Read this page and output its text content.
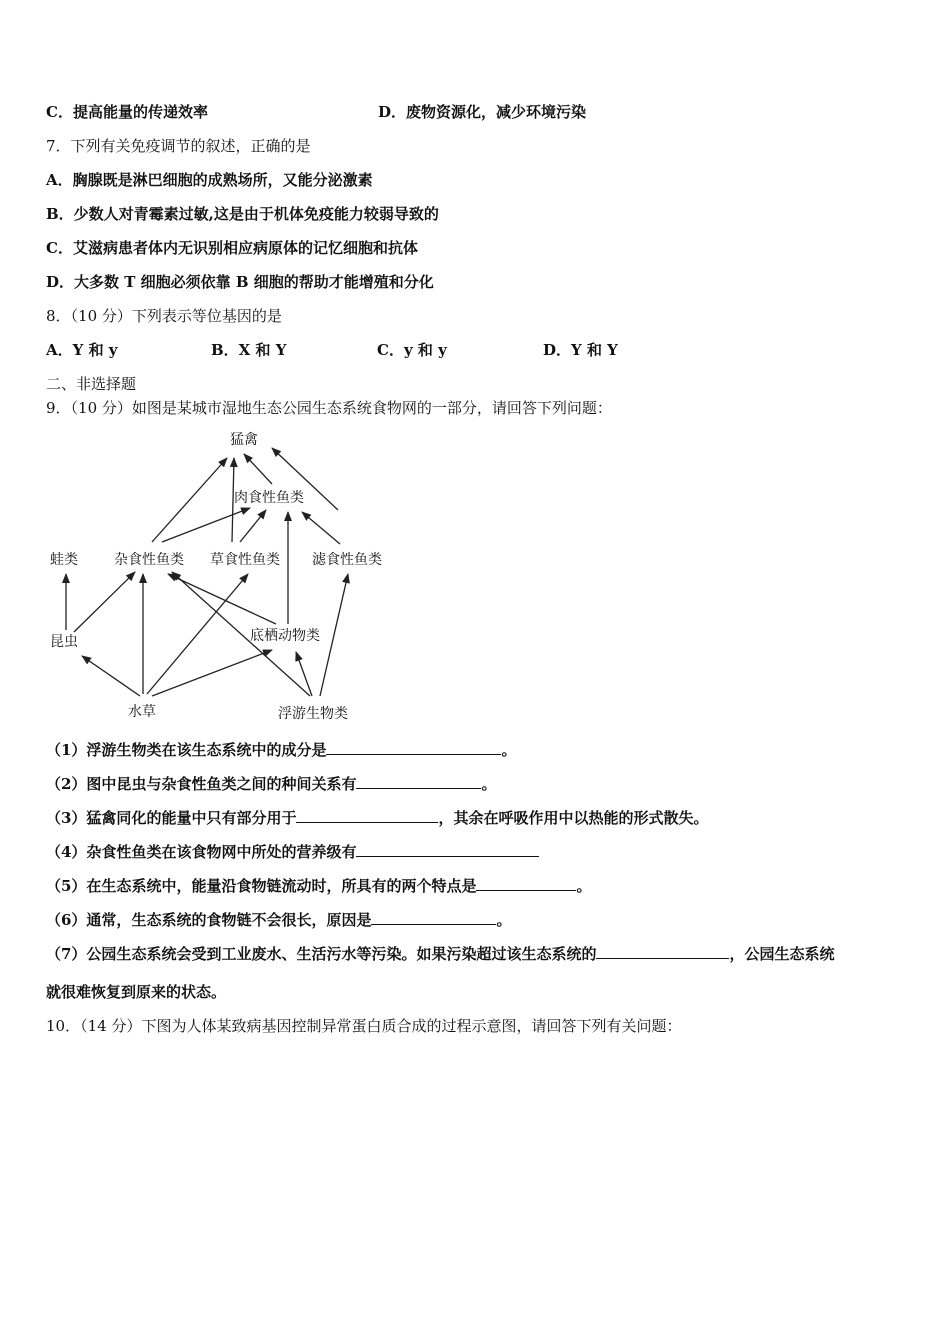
C．提高能量的传递效率	D．废物资源化，减少环境污染
7．下列有关免疫调节的叙述，正确的是
A．胸腺既是淋巴细胞的成熟场所，又能分泌激素
B．少数人对青霉素过敏,这是由于机体免疫能力较弱导致的
C．艾滋病患者体内无识别相应病原体的记忆细胞和抗体
D．大多数 T 细胞必须依靠 B 细胞的帮助才能增殖和分化
8．（10 分）下列表示等位基因的是
A．Y 和 y	B．X 和 Y	C．y 和 y	D．Y 和 Y
二、非选择题
9．（10 分）如图是某城市湿地生态公园生态系统食物网的一部分，请回答下列问题：
猛禽
肉食性鱼类
蛙类	杂食性鱼类 草食性鱼类 滤食性鱼类
昆虫	底栖动物类
水草	浮游生物类
（1）浮游生物类在该生态系统中的成分是	。
（2）图中昆虫与杂食性鱼类之间的种间关系有	。
（3）猛禽同化的能量中只有部分用于	，其余在呼吸作用中以热能的形式散失。
（4）杂食性鱼类在该食物网中所处的营养级有
（5）在生态系统中，能量沿食物链流动时，所具有的两个特点是	。
（6）通常，生态系统的食物链不会很长，原因是	。
（7）公园生态系统会受到工业废水、生活污水等污染。如果污染超过该生态系统的	，公园生态系统
就很难恢复到原来的状态。
10．（14 分）下图为人体某致病基因控制异常蛋白质合成的过程示意图，请回答下列有关问题：
